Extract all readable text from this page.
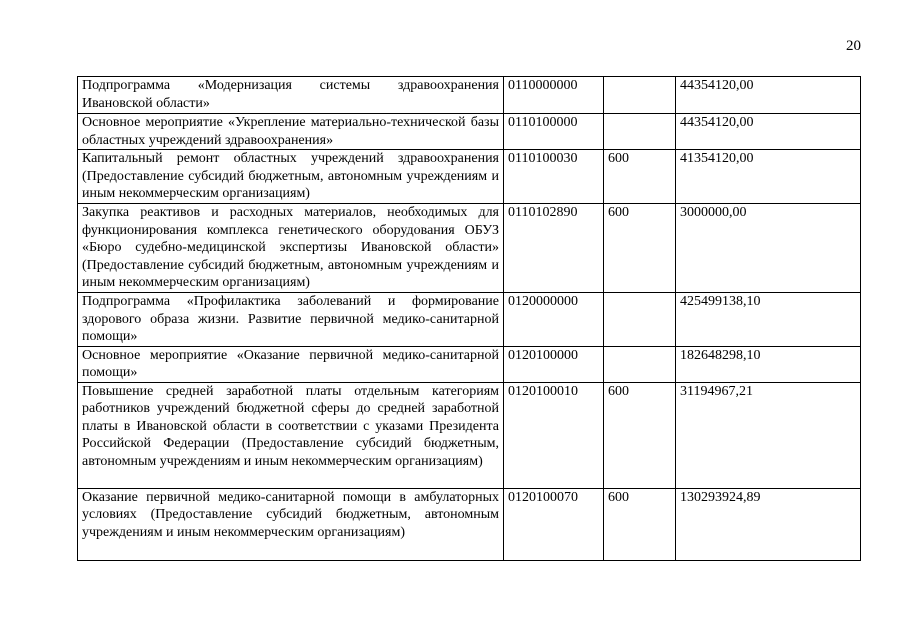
20
Подпрограмма «Модернизация системы здравоохранения Ивановской области»	0110000000		44354120,00
Основное мероприятие «Укрепление материально-технической базы областных учреждений здравоохранения»	0110100000		44354120,00
Капитальный ремонт областных учреждений здравоохранения (Предоставление субсидий бюджетным, автономным учреждениям и иным некоммерческим организациям)	0110100030	600	41354120,00
Закупка реактивов и расходных материалов, необходимых для функционирования комплекса генетического оборудования ОБУЗ «Бюро судебно-медицинской экспертизы Ивановской области» (Предоставление субсидий бюджетным, автономным учреждениям и иным некоммерческим организациям)	0110102890	600	3000000,00
Подпрограмма «Профилактика заболеваний и формирование здорового образа жизни. Развитие первичной медико-санитарной помощи»	0120000000		425499138,10
Основное мероприятие «Оказание первичной медико-санитарной помощи»	0120100000		182648298,10
Повышение средней заработной платы отдельным категориям работников учреждений бюджетной сферы до средней заработной платы в Ивановской области в соответствии с указами Президента Российской Федерации (Предоставление субсидий бюджетным, автономным учреждениям и иным некоммерческим организациям)	0120100010	600	31194967,21
Оказание первичной медико-санитарной помощи в амбулаторных условиях (Предоставление субсидий бюджетным, автономным учреждениям и иным некоммерческим организациям)	0120100070	600	130293924,89
